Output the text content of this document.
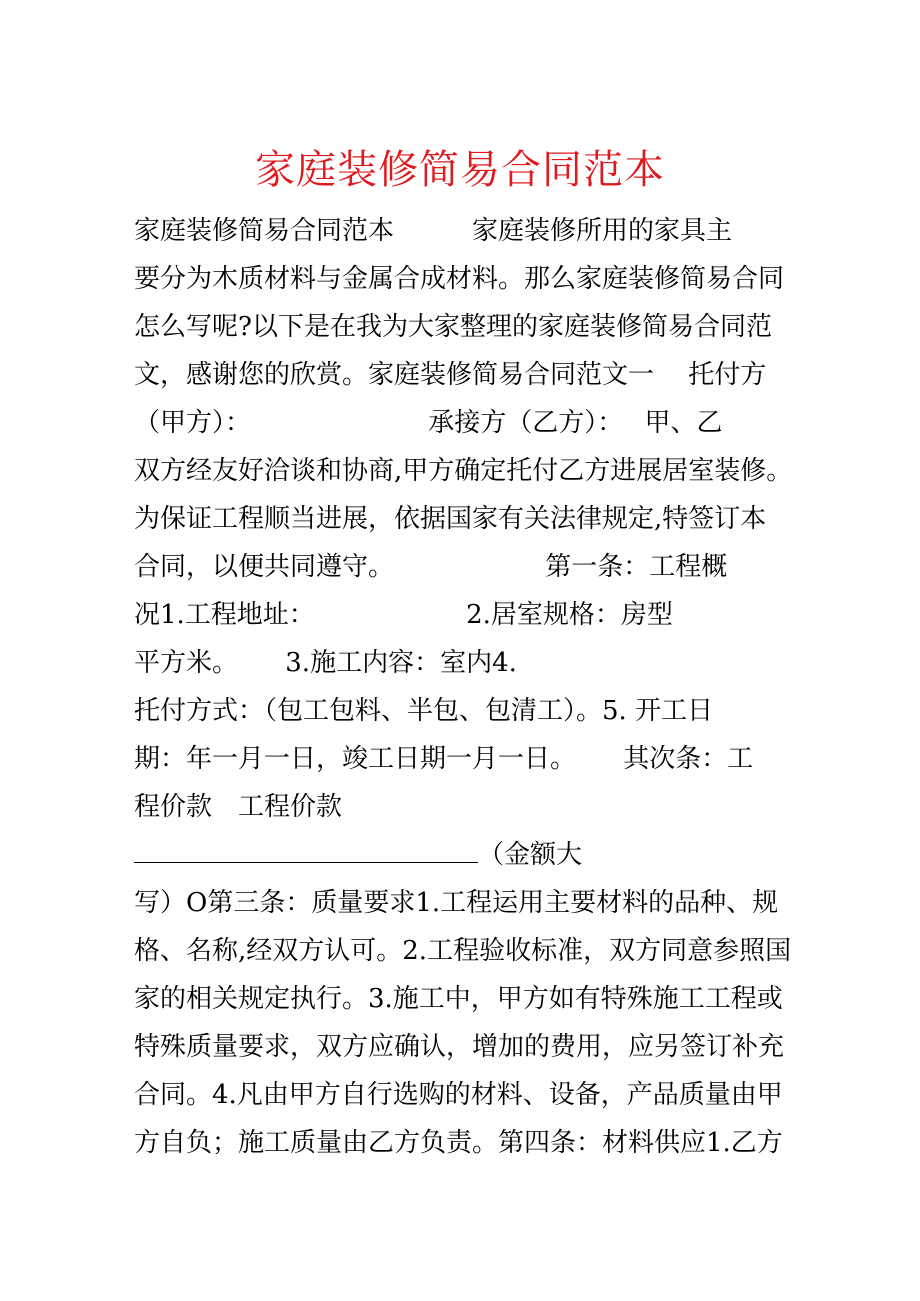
家庭装修简易合同范本
家庭装修简易合同范本　　　家庭装修所用的家具主
要分为木质材料与金属合成材料。那么家庭装修简易合同
怎么写呢?以下是在我为大家整理的家庭装修简易合同范
文，感谢您的欣赏。家庭装修简易合同范文一　 托付方
（甲方）：　　　　　　　 承接方（乙方）：　 甲、乙
双方经友好洽谈和协商,甲方确定托付乙方进展居室装修。
为保证工程顺当进展，依据国家有关法律规定,特签订本
合同，以便共同遵守。　　　　　　 第一条：工程概
况1.工程地址：　　　　　　 2.居室规格：房型
平方米。　　 3.施工内容：室内4.
托付方式：（包工包料、半包、包清工）。5. 开工日
期：年一月一日，竣工日期一月一日。　　 其次条：工
程价款　工程价款
（金额大
写）O第三条：质量要求1.工程运用主要材料的品种、规
格、名称,经双方认可。2.工程验收标准，双方同意参照国
家的相关规定执行。3.施工中，甲方如有特殊施工工程或
特殊质量要求，双方应确认，增加的费用，应另签订补充
合同。4.凡由甲方自行选购的材料、设备，产品质量由甲
方自负；施工质量由乙方负责。第四条：材料供应1.乙方
